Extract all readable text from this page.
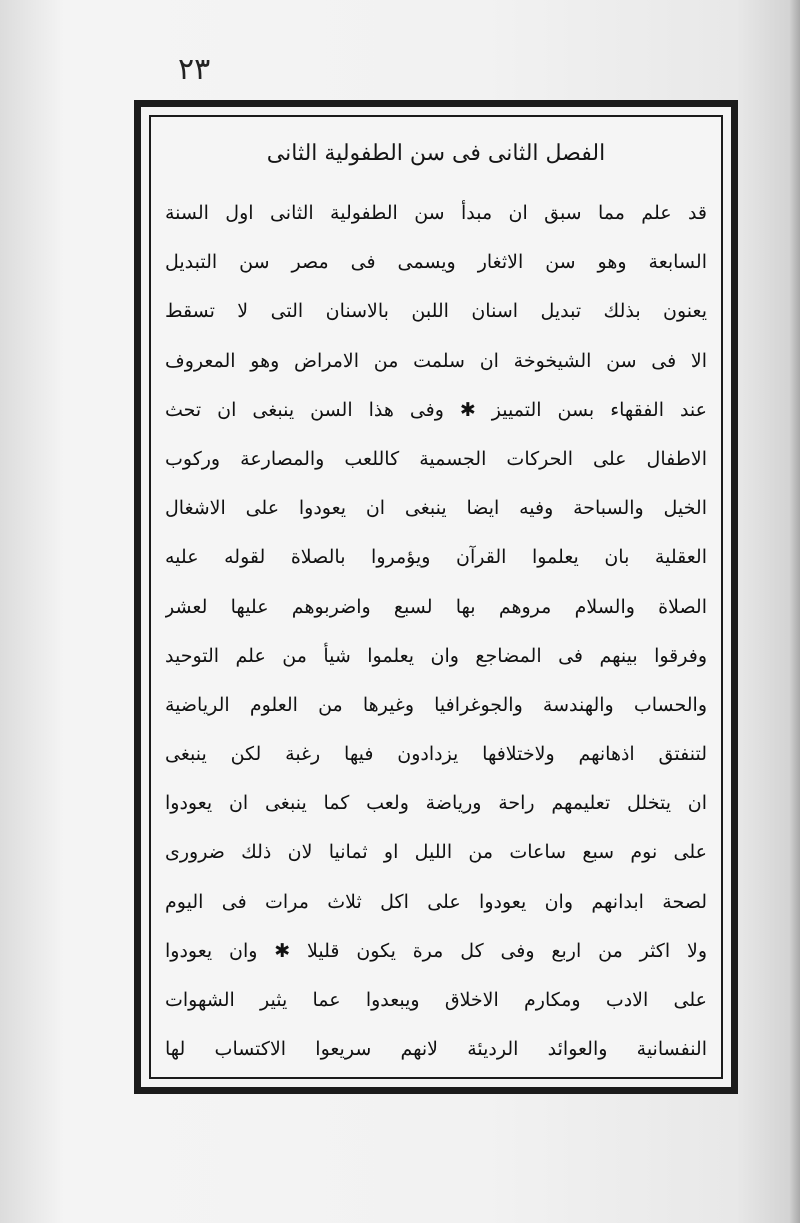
٢٣
الفصل الثانى فى سن الطفولية الثانى
قد علم مما سبق ان مبدأ سن الطفولية الثانى اول السنة
السابعة وهو سن الاثغار ويسمى فى مصر سن التبديل
يعنون بذلك تبديل اسنان اللبن بالاسنان التى لا تسقط
الا فى سن الشيخوخة ان سلمت من الامراض وهو المعروف
عند الفقهاء بسن التمييز ✱ وفى هذا السن ينبغى ان تحث
الاطفال على الحركات الجسمية كاللعب والمصارعة وركوب
الخيل والسباحة وفيه ايضا ينبغى ان يعودوا على الاشغال
العقلية بان يعلموا القرآن ويؤمروا بالصلاة لقوله عليه
الصلاة والسلام مروهم بها لسبع واضربوهم عليها لعشر
وفرقوا بينهم فى المضاجع وان يعلموا شيأ من علم التوحيد
والحساب والهندسة والجوغرافيا وغيرها من العلوم الرياضية
لتنفتق اذهانهم ولاختلافها يزدادون فيها رغبة لكن ينبغى
ان يتخلل تعليمهم راحة ورياضة ولعب كما ينبغى ان يعودوا
على نوم سبع ساعات من الليل او ثمانيا لان ذلك ضرورى
لصحة ابدانهم وان يعودوا على اكل ثلاث مرات فى اليوم
ولا اكثر من اربع وفى كل مرة يكون قليلا ✱ وان يعودوا
على الادب ومكارم الاخلاق ويبعدوا عما يثير الشهوات
النفسانية والعوائد الرديئة لانهم سريعوا الاكتساب لها
